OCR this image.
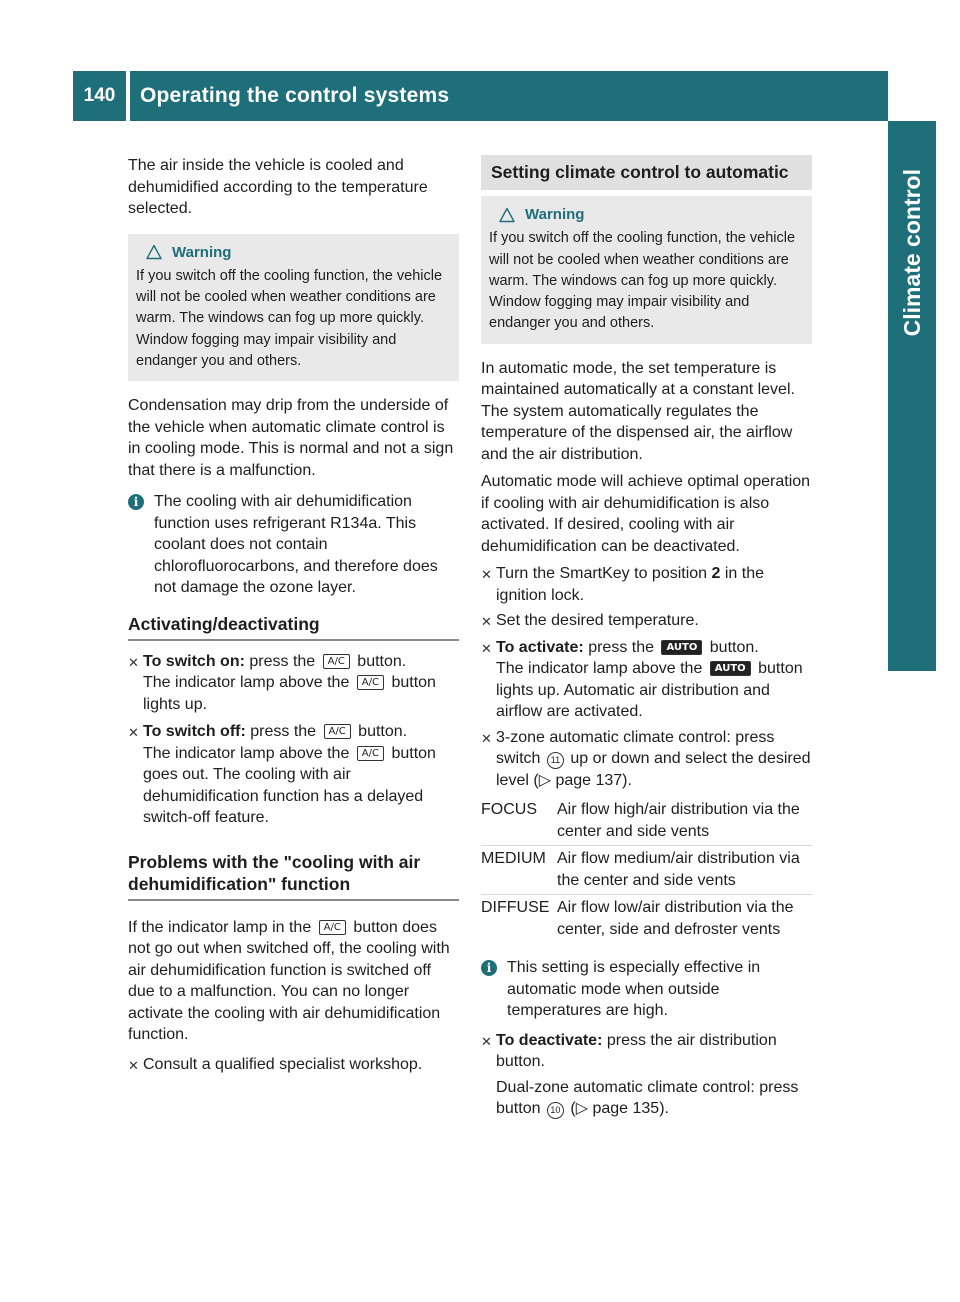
140	Operating the control systems
Climate control

The air inside the vehicle is cooled and dehumidified according to the temperature selected.

Warning
If you switch off the cooling function, the vehicle will not be cooled when weather conditions are warm. The windows can fog up more quickly. Window fogging may impair visibility and endanger you and others.

Condensation may drip from the underside of the vehicle when automatic climate control is in cooling mode. This is normal and not a sign that there is a malfunction.

i The cooling with air dehumidification function uses refrigerant R134a. This coolant does not contain chlorofluorocarbons, and therefore does not damage the ozone layer.
Activating/deactivating
✕ To switch on: press the A/C button.
The indicator lamp above the A/C button lights up.
✕ To switch off: press the A/C button.
The indicator lamp above the A/C button goes out. The cooling with air dehumidification function has a delayed switch-off feature.
Problems with the "cooling with air dehumidification" function

If the indicator lamp in the A/C button does not go out when switched off, the cooling with air dehumidification function is switched off due to a malfunction. You can no longer activate the cooling with air dehumidification function.

✕ Consult a qualified specialist workshop.
Setting climate control to automatic
Warning
If you switch off the cooling function, the vehicle will not be cooled when weather conditions are warm. The windows can fog up more quickly. Window fogging may impair visibility and endanger you and others.

In automatic mode, the set temperature is maintained automatically at a constant level. The system automatically regulates the temperature of the dispensed air, the airflow and the air distribution.

Automatic mode will achieve optimal operation if cooling with air dehumidification is also activated. If desired, cooling with air dehumidification can be deactivated.

✕ Turn the SmartKey to position 2 in the ignition lock.
✕ Set the desired temperature.
✕ To activate: press the AUTO button.
The indicator lamp above the AUTO button lights up. Automatic air distribution and airflow are activated.
✕ 3-zone automatic climate control: press switch 11 up or down and select the desired level (▷ page 137).
FOCUS	Air flow high/air distribution via the center and side vents
MEDIUM	Air flow medium/air distribution via the center and side vents
DIFFUSE	Air flow low/air distribution via the center, side and defroster vents
i This setting is especially effective in automatic mode when outside temperatures are high.
✕ To deactivate: press the air distribution button.
Dual-zone automatic climate control: press button 10 (▷ page 135).
